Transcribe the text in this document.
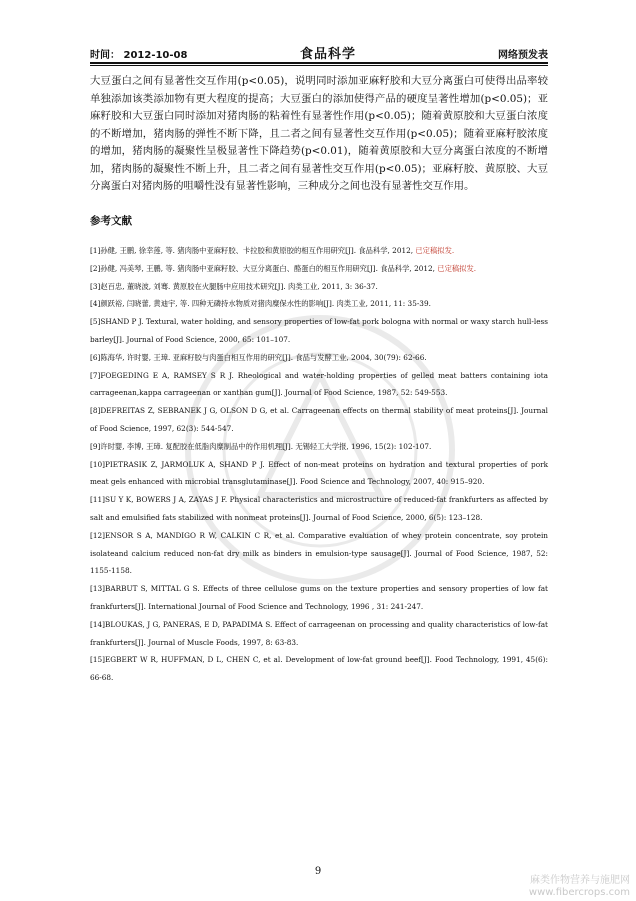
时间： 2012-10-08	食品科学	网络预发表

大豆蛋白之间有显著性交互作用(p<0.05)，说明同时添加亚麻籽胶和大豆分离蛋白可使得出品率较单独添加该类添加物有更大程度的提高；大豆蛋白的添加使得产品的硬度呈著性增加(p<0.05)；亚麻籽胶和大豆蛋白同时添加对猪肉肠的粘着性有显著性作用(p<0.05)；随着黄原胶和大豆蛋白浓度的不断增加，猪肉肠的弹性不断下降，且二者之间有显著性交互作用(p<0.05)；随着亚麻籽胶浓度的增加，猪肉肠的凝聚性呈极显著性下降趋势(p<0.01)，随着黄原胶和大豆分离蛋白浓度的不断增加，猪肉肠的凝聚性不断上升，且二者之间有显著性交互作用(p<0.05)；亚麻籽胶、黄原胶、大豆分离蛋白对猪肉肠的咀嚼性没有显著性影响，三种成分之间也没有显著性交互作用。

参考文献
[1]孙健, 王鹏, 徐幸莲, 等. 猪肉肠中亚麻籽胶、卡拉胶和黄原胶的相互作用研究[J]. 食品科学, 2012, 已定稿拟发.
[2]孙健, 冯美琴, 王鹏, 等. 猪肉肠中亚麻籽胶、大豆分离蛋白、酪蛋白的相互作用研究[J]. 食品科学, 2012, 已定稿拟发.
[3]赵百忠, 董晓波, 刘骞. 黄原胶在火腿肠中应用技术研究[J]. 肉类工业, 2011, 3: 36-37.
[4]颜跃裕, 闫晓蕾, 黄迪宇, 等. 四种无磷持水物质对猪肉糜保水性的影响[J]. 肉类工业, 2011, 11: 35-39.
[5]SHAND P J. Textural, water holding, and sensory properties of low-fat pork bologna with normal or waxy starch hull-less barley[J]. Journal of Food Science, 2000, 65: 101–107.
[6]陈海华, 许时婴, 王璋. 亚麻籽胶与肉蛋白相互作用的研究[J]. 食品与发酵工业, 2004, 30(79): 62-66.
[7]FOEGEDING E A, RAMSEY S R J. Rheological and water-holding properties of gelled meat batters containing iota carrageenan,kappa carrageenan or xanthan gum[J]. Journal of Food Science, 1987, 52: 549-553.
[8]DEFREITAS Z, SEBRANEK J G, OLSON D G, et al. Carrageenan effects on thermal stability of meat proteins[J]. Journal of Food Science, 1997, 62(3): 544-547.
[9]许时婴, 李博, 王璋. 复配胶在低脂肉糜制品中的作用机理[J]. 无锡轻工大学报, 1996, 15(2): 102-107.
[10]PIETRASIK Z, JARMOLUK A, SHAND P J. Effect of non-meat proteins on hydration and textural properties of pork meat gels enhanced with microbial transglutaminase[J]. Food Science and Technology, 2007, 40: 915–920.
[11]SU Y K, BOWERS J A, ZAYAS J F. Physical characteristics and microstructure of reduced-fat frankfurters as affected by salt and emulsified fats stabilized with nonmeat proteins[J]. Journal of Food Science, 2000, 6(5): 123–128.
[12]ENSOR S A, MANDIGO R W, CALKIN C R, et al. Comparative evaluation of whey protein concentrate, soy protein isolateand calcium reduced non-fat dry milk as binders in emulsion-type sausage[J]. Journal of Food Science, 1987, 52: 1155-1158.
[13]BARBUT S, MITTAL G S. Effects of three cellulose gums on the texture properties and sensory properties of low fat frankfurters[J]. International Journal of Food Science and Technology, 1996 , 31: 241-247.
[14]BLOUKAS, J G, PANERAS, E D, PAPADIMA S. Effect of carrageenan on processing and quality characteristics of low-fat frankfurters[J]. Journal of Muscle Foods, 1997, 8: 63-83.
[15]EGBERT W R, HUFFMAN, D L, CHEN C, et al. Development of low-fat ground beef[J]. Food Technology, 1991, 45(6): 66-68.
9
麻类作物营养与施肥网
www.fibercrops.com
